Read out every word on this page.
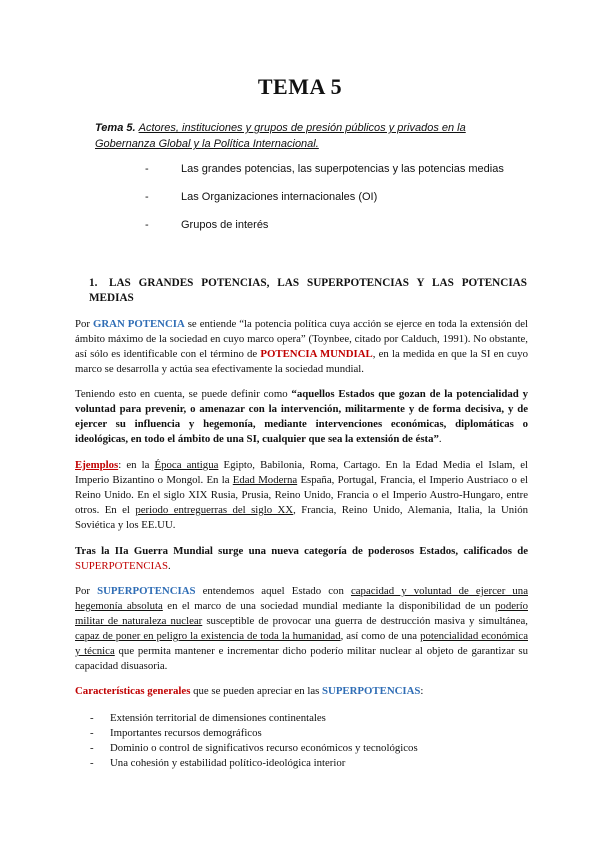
TEMA 5
Tema 5. Actores, instituciones y grupos de presión públicos y privados en la Gobernanza Global y la Política Internacional.
-	Las grandes potencias, las superpotencias y las potencias medias
-	Las Organizaciones internacionales (OI)
-	Grupos de interés
1. LAS GRANDES POTENCIAS, LAS SUPERPOTENCIAS Y LAS POTENCIAS MEDIAS
Por GRAN POTENCIA se entiende “la potencia política cuya acción se ejerce en toda la extensión del ámbito máximo de la sociedad en cuyo marco opera” (Toynbee, citado por Calduch, 1991). No obstante, así sólo es identificable con el término de POTENCIA MUNDIAL, en la medida en que la SI en cuyo marco se desarrolla y actúa sea efectivamente la sociedad mundial.
Teniendo esto en cuenta, se puede definir como “aquellos Estados que gozan de la potencialidad y voluntad para prevenir, o amenazar con la intervención, militarmente y de forma decisiva, y de ejercer su influencia y hegemonía, mediante intervenciones económicas, diplomáticas o ideológicas, en todo el ámbito de una SI, cualquier que sea la extensión de ésta”.
Ejemplos: en la Época antigua Egipto, Babilonia, Roma, Cartago. En la Edad Media el Islam, el Imperio Bizantino o Mongol. En la Edad Moderna España, Portugal, Francia, el Imperio Austriaco o el Reino Unido. En el siglo XIX Rusia, Prusia, Reino Unido, Francia o el Imperio Austro-Hungaro, entre otros. En el periodo entreguerras del siglo XX, Francia, Reino Unido, Alemania, Italia, la Unión Soviética y los EE.UU.
Tras la IIa Guerra Mundial surge una nueva categoría de poderosos Estados, calificados de SUPERPOTENCIAS.
Por SUPERPOTENCIAS entendemos aquel Estado con capacidad y voluntad de ejercer una hegemonía absoluta en el marco de una sociedad mundial mediante la disponibilidad de un poderío militar de naturaleza nuclear susceptible de provocar una guerra de destrucción masiva y simultánea, capaz de poner en peligro la existencia de toda la humanidad, así como de una potencialidad económica y técnica que permita mantener e incrementar dicho poderío militar nuclear al objeto de garantizar su capacidad disuasoria.
Características generales que se pueden apreciar en las SUPERPOTENCIAS:
-	Extensión territorial de dimensiones continentales
-	Importantes recursos demográficos
-	Dominio o control de significativos recurso económicos y tecnológicos
-	Una cohesión y estabilidad político-ideológica interior
